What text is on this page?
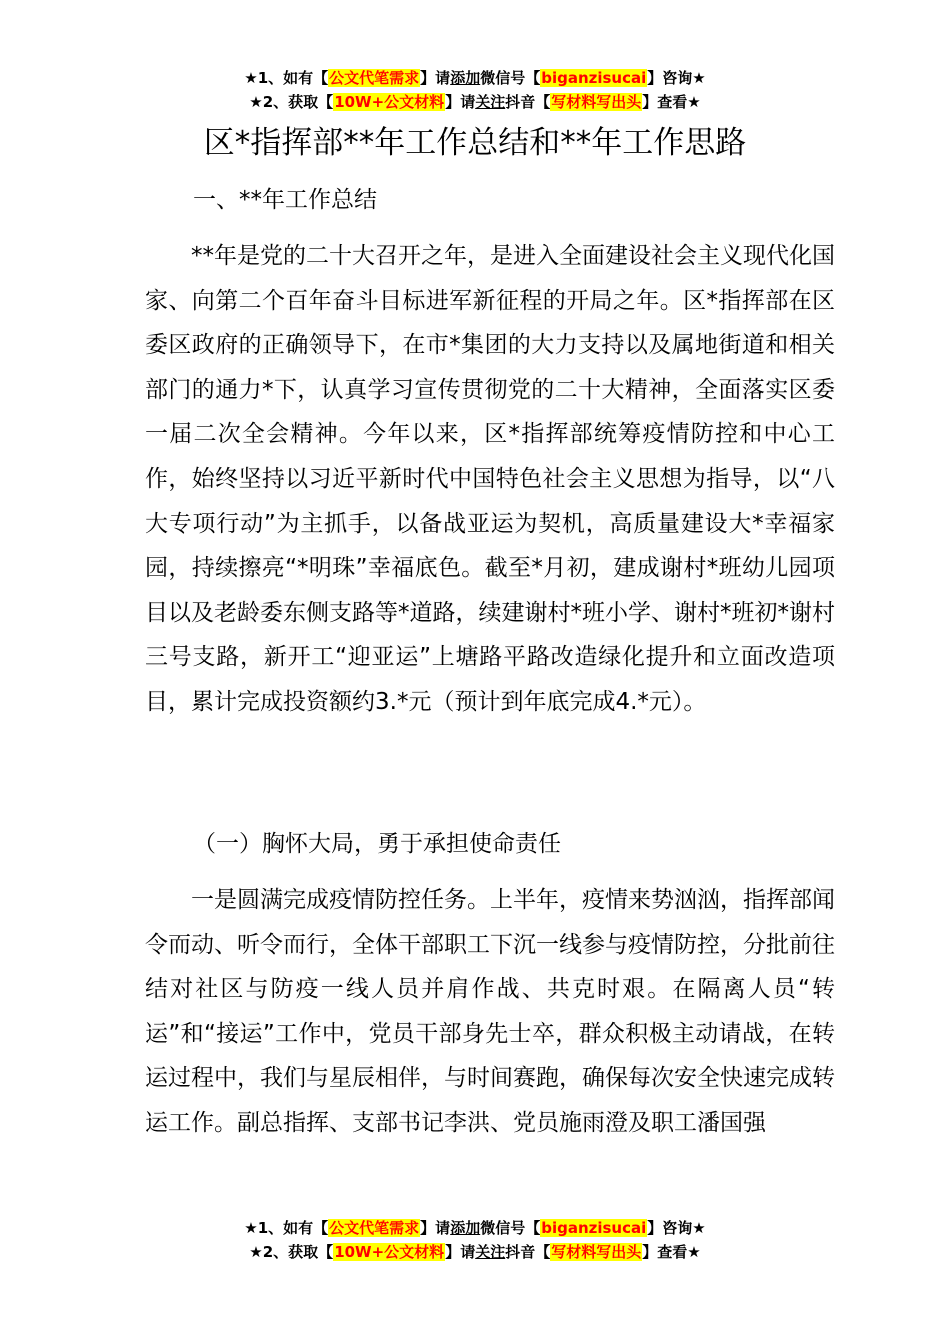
★1、如有【公文代笔需求】请添加微信号【biganzisucai】咨询★
★2、获取【10W+公文材料】请关注抖音【写材料写出头】查看★
区*指挥部**年工作总结和**年工作思路
一、**年工作总结
**年是党的二十大召开之年，是进入全面建设社会主义现代化国家、向第二个百年奋斗目标进军新征程的开局之年。区*指挥部在区委区政府的正确领导下，在市*集团的大力支持以及属地街道和相关部门的通力*下，认真学习宣传贯彻党的二十大精神，全面落实区委一届二次全会精神。今年以来，区*指挥部统筹疫情防控和中心工作，始终坚持以习近平新时代中国特色社会主义思想为指导，以“八大专项行动”为主抓手，以备战亚运为契机，高质量建设大*幸福家园，持续擦亮“*明珠”幸福底色。截至*月初，建成谢村*班幼儿园项目以及老龄委东侧支路等*道路，续建谢村*班小学、谢村*班初*谢村三号支路，新开工“迎亚运”上塘路平路改造绿化提升和立面改造项目，累计完成投资额约3.*元（预计到年底完成4.*元）。
（一）胸怀大局，勇于承担使命责任
一是圆满完成疫情防控任务。上半年，疫情来势汹汹，指挥部闻令而动、听令而行，全体干部职工下沉一线参与疫情防控，分批前往结对社区与防疫一线人员并肩作战、共克时艰。在隔离人员“转运”和“接运”工作中，党员干部身先士卒，群众积极主动请战，在转运过程中，我们与星辰相伴，与时间赛跑，确保每次安全快速完成转运工作。副总指挥、支部书记李洪、党员施雨澄及职工潘国强
★1、如有【公文代笔需求】请添加微信号【biganzisucai】咨询★
★2、获取【10W+公文材料】请关注抖音【写材料写出头】查看★
